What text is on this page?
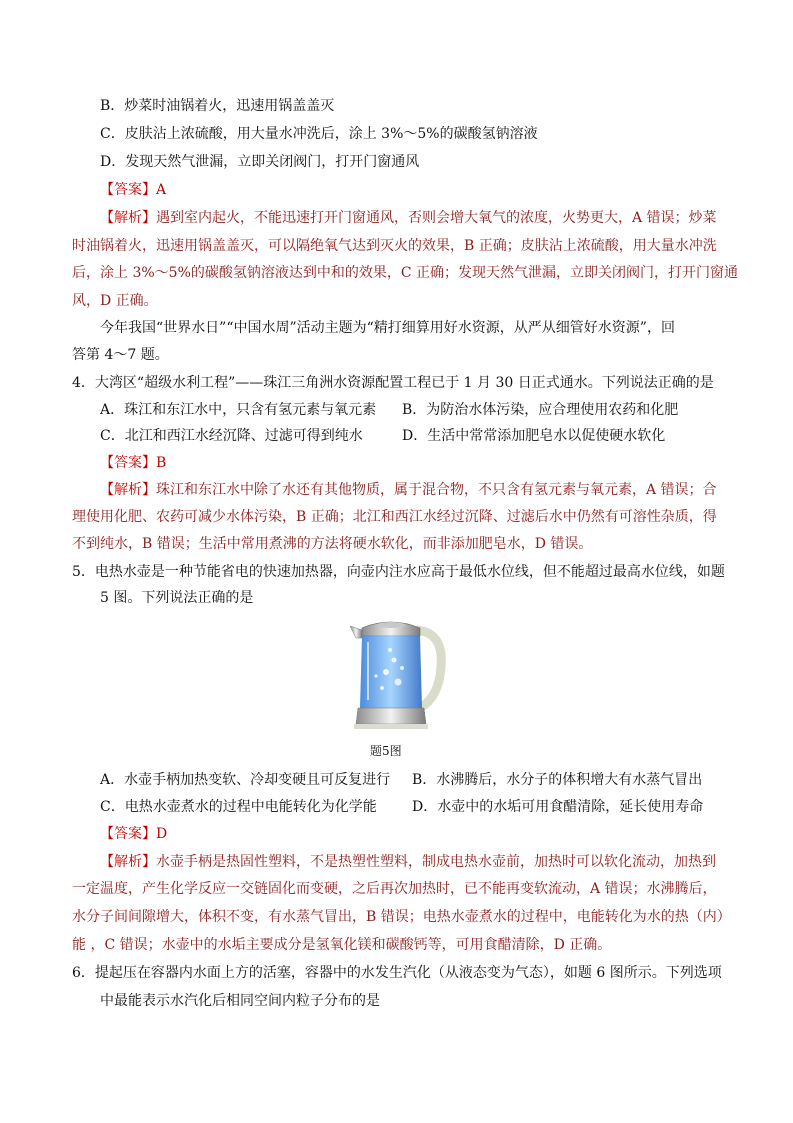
B．炒菜时油锅着火，迅速用锅盖盖灭
C．皮肤沾上浓硫酸，用大量水冲洗后，涂上 3%～5%的碳酸氢钠溶液
D．发现天然气泄漏，立即关闭阀门，打开门窗通风
【答案】A
【解析】遇到室内起火，不能迅速打开门窗通风，否则会增大氧气的浓度，火势更大，A 错误；炒菜
时油锅着火，迅速用锅盖盖灭，可以隔绝氧气达到灭火的效果，B 正确；皮肤沾上浓硫酸，用大量水冲洗
后，涂上 3%～5%的碳酸氢钠溶液达到中和的效果，C 正确；发现天然气泄漏，立即关闭阀门，打开门窗通
风，D 正确。
今年我国“世界水日”“中国水周”活动主题为“精打细算用好水资源，从严从细管好水资源”，回
答第 4～7 题。
4．大湾区“超级水利工程”——珠江三角洲水资源配置工程已于 1 月 30 日正式通水。下列说法正确的是
A．珠江和东江水中，只含有氢元素与氧元素 B．为防治水体污染，应合理使用农药和化肥
C．北江和西江水经沉降、过滤可得到纯水	D．生活中常常添加肥皂水以促使硬水软化
【答案】B
【解析】珠江和东江水中除了水还有其他物质，属于混合物，不只含有氢元素与氧元素，A 错误；合
理使用化肥、农药可减少水体污染，B 正确；北江和西江水经过沉降、过滤后水中仍然有可溶性杂质，得
不到纯水，B 错误；生活中常用煮沸的方法将硬水软化，而非添加肥皂水，D 错误。
5．电热水壶是一种节能省电的快速加热器，向壶内注水应高于最低水位线，但不能超过最高水位线，如题
5 图。下列说法正确的是
题5图
A．水壶手柄加热变软、冷却变硬且可反复进行 B．水沸腾后，水分子的体积增大有水蒸气冒出
C．电热水壶煮水的过程中电能转化为化学能	D．水壶中的水垢可用食醋清除，延长使用寿命
【答案】D
【解析】水壶手柄是热固性塑料，不是热塑性塑料，制成电热水壶前，加热时可以软化流动，加热到
一定温度，产生化学反应一交链固化而变硬，之后再次加热时，已不能再变软流动，A 错误；水沸腾后，
水分子间间隙增大，体积不变，有水蒸气冒出，B 错误；电热水壶煮水的过程中，电能转化为水的热（内）
能 ，C 错误；水壶中的水垢主要成分是氢氧化镁和碳酸钙等，可用食醋清除，D 正确。
6．提起压在容器内水面上方的活塞，容器中的水发生汽化（从液态变为气态），如题 6 图所示。下列选项
中最能表示水汽化后相同空间内粒子分布的是
